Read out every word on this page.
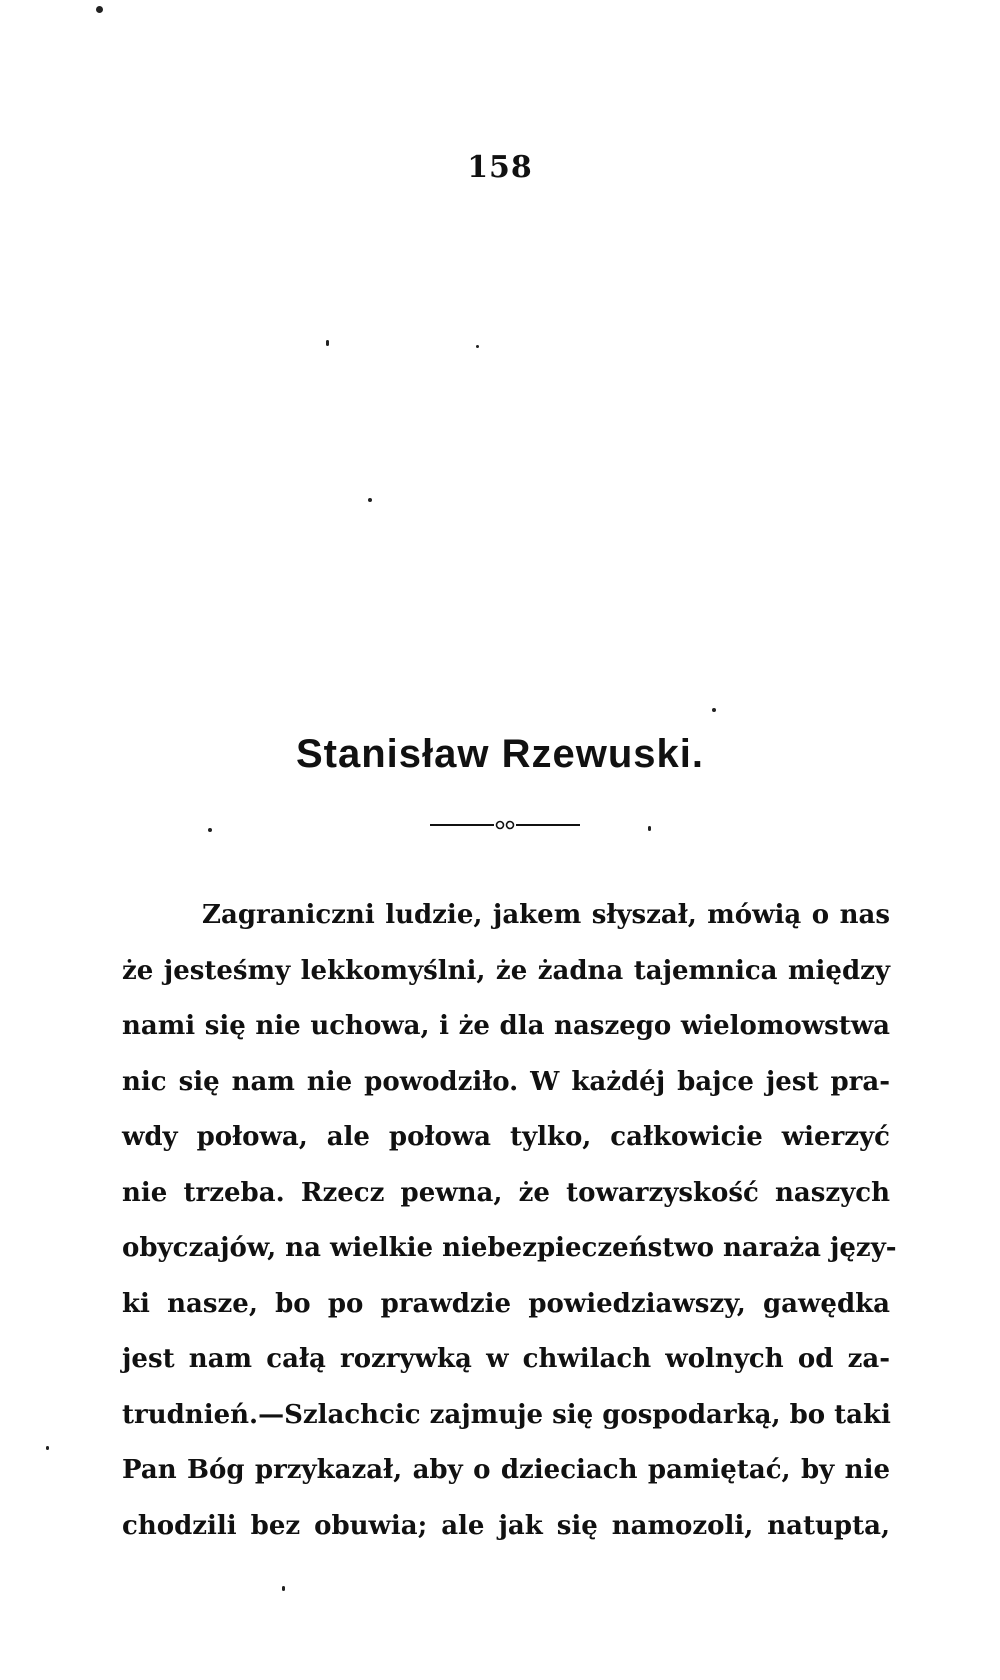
158
Stanisław Rzewuski.
Zagraniczni ludzie, jakem słyszał, mówią o nas
że jesteśmy lekkomyślni, że żadna tajemnica między
nami się nie uchowa, i że dla naszego wielomowstwa
nic się nam nie powodziło. W każdéj bajce jest pra-
wdy połowa, ale połowa tylko, całkowicie wierzyć
nie trzeba. Rzecz pewna, że towarzyskość naszych
obyczajów, na wielkie niebezpieczeństwo naraża języ-
ki nasze, bo po prawdzie powiedziawszy, gawędka
jest nam całą rozrywką w chwilach wolnych od za-
trudnień.—Szlachcic zajmuje się gospodarką, bo taki
Pan Bóg przykazał, aby o dzieciach pamiętać, by nie
chodzili bez obuwia; ale jak się namozoli, natupta,
